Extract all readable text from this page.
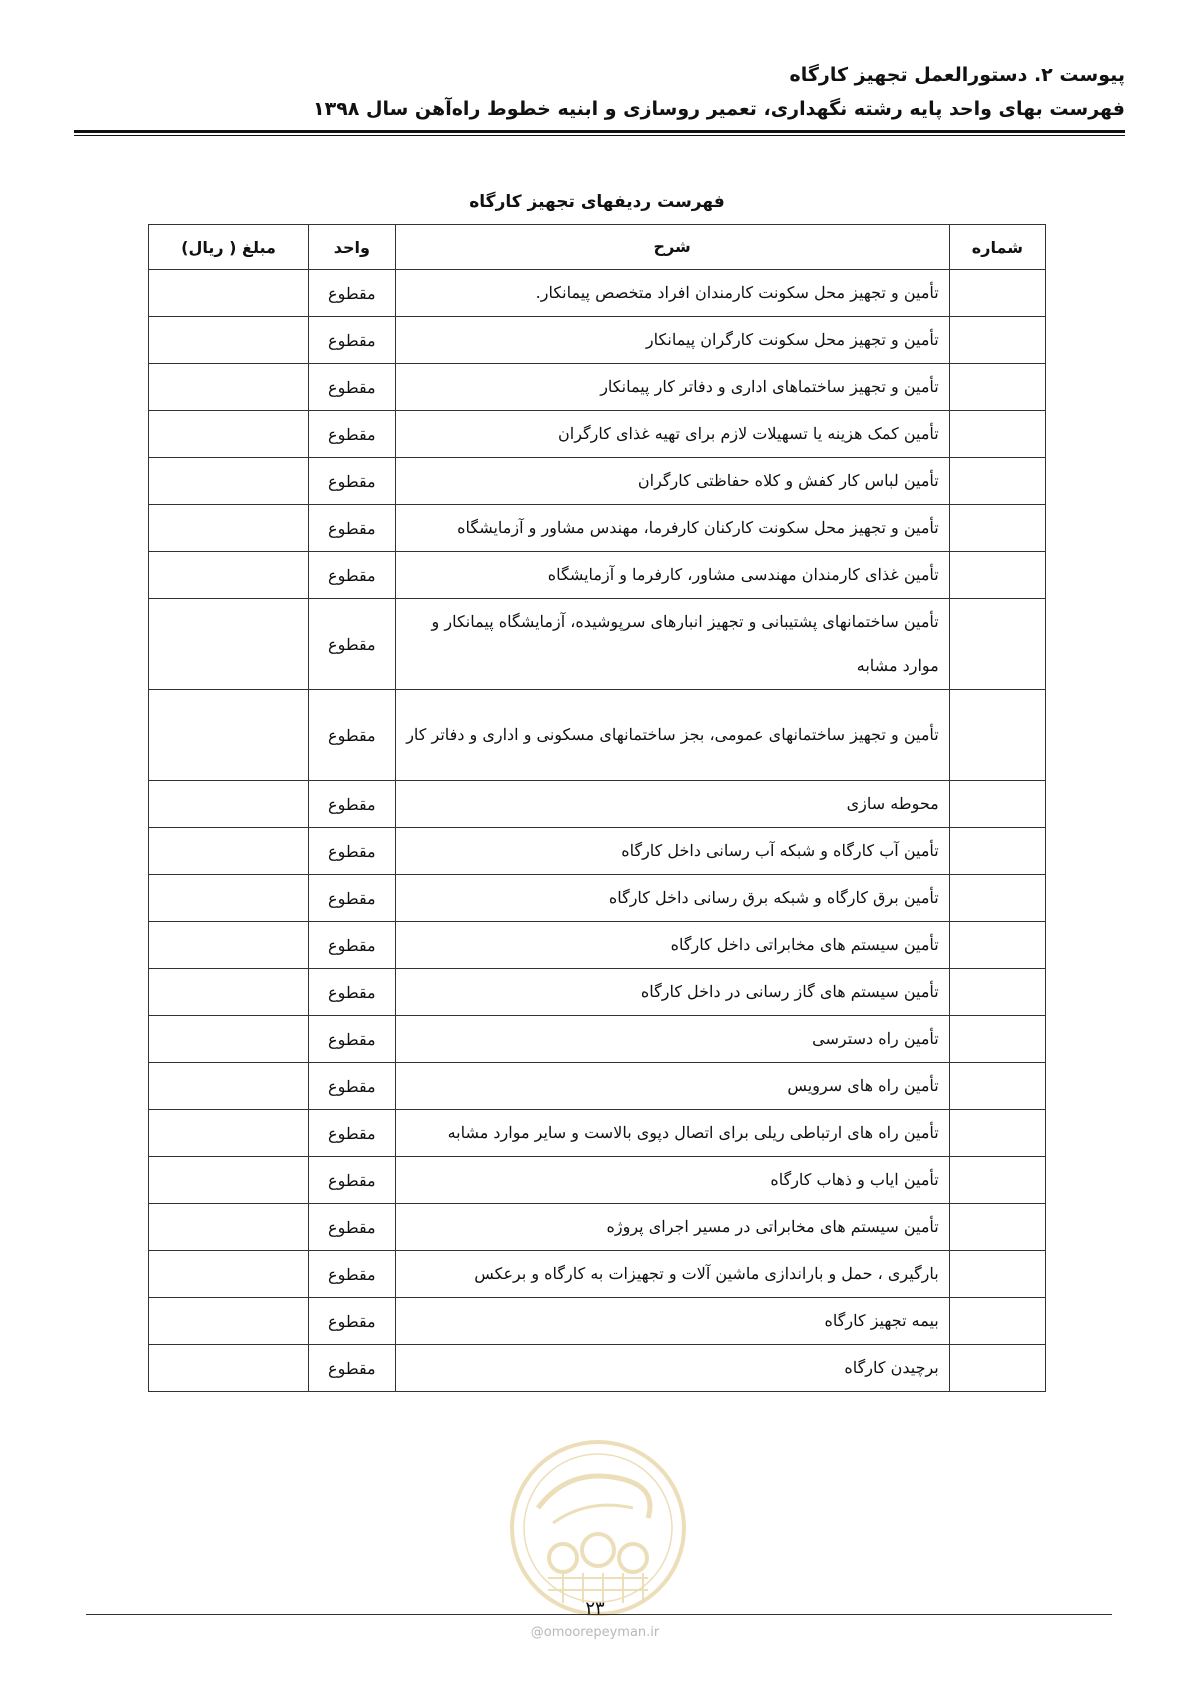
پیوست ۲. دستورالعمل تجهیز کارگاه
فهرست بهای واحد پایه رشته نگهداری، تعمیر روسازی و ابنیه خطوط راه‌آهن سال ۱۳۹۸
فهرست ردیفهای تجهیز کارگاه
شماره	شرح	واحد	مبلغ ( ریال)
	تأمین و تجهیز محل سکونت کارمندان افراد متخصص پیمانکار.	مقطوع	
	تأمین و تجهیز محل سکونت کارگران پیمانکار	مقطوع	
	تأمین و تجهیز ساختماهای اداری و دفاتر کار پیمانکار	مقطوع	
	تأمین کمک هزینه یا تسهیلات لازم برای تهیه غذای کارگران	مقطوع	
	تأمین لباس کار کفش و کلاه حفاظتی کارگران	مقطوع	
	تأمین و تجهیز محل سکونت کارکنان کارفرما، مهندس مشاور و آزمایشگاه	مقطوع	
	تأمین غذای کارمندان مهندسی مشاور، کارفرما و آزمایشگاه	مقطوع	
	تأمین ساختمانهای پشتیبانی و تجهیز انبارهای سرپوشیده، آزمایشگاه پیمانکار و موارد مشابه	مقطوع	
	تأمین و تجهیز ساختمانهای عمومی، بجز ساختمانهای مسکونی و اداری و دفاتر کار	مقطوع	
	محوطه سازی	مقطوع	
	تأمین آب کارگاه و شبکه آب رسانی داخل کارگاه	مقطوع	
	تأمین برق کارگاه و شبکه برق رسانی داخل کارگاه	مقطوع	
	تأمین سیستم های مخابراتی داخل کارگاه	مقطوع	
	تأمین سیستم های گاز رسانی در داخل کارگاه	مقطوع	
	تأمین راه دسترسی	مقطوع	
	تأمین راه های سرویس	مقطوع	
	تأمین راه های ارتباطی ریلی برای اتصال دپوی بالاست و سایر موارد مشابه	مقطوع	
	تأمین ایاب و ذهاب کارگاه	مقطوع	
	تأمین سیستم های مخابراتی در مسیر اجرای پروژه	مقطوع	
	بارگیری ، حمل و باراندازی ماشین آلات و تجهیزات به کارگاه و برعکس	مقطوع	
	بیمه تجهیز کارگاه	مقطوع	
	برچیدن کارگاه	مقطوع	
۲۳
@omoorepeyman.ir
